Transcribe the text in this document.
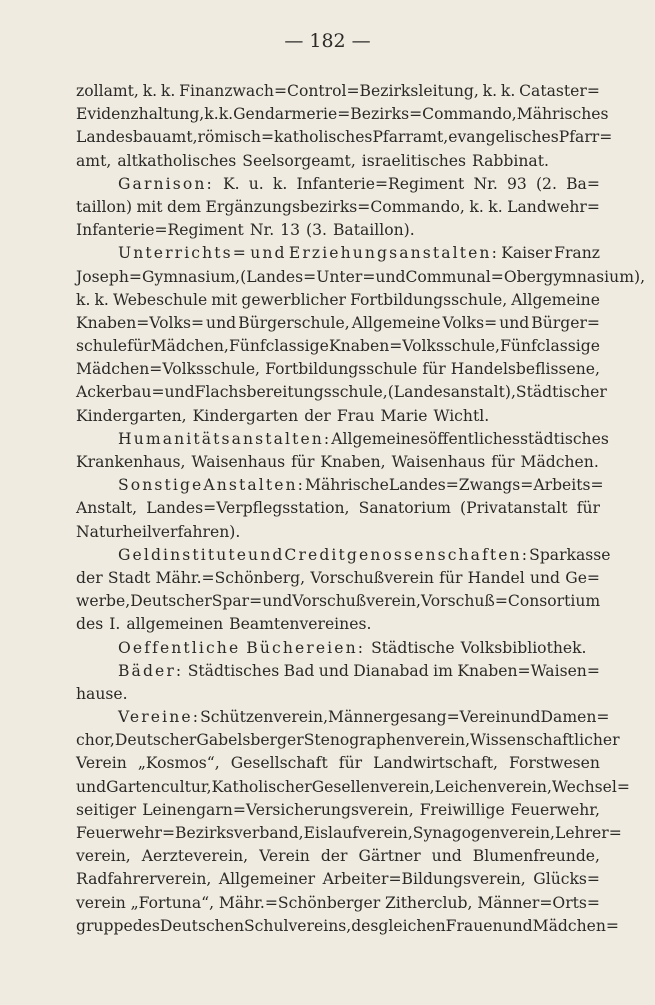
— 182 —
zollamt, k. k. Finanzwach=Control=Bezirksleitung, k. k. Cataster=
Evidenzhaltung, k. k. Gendarmerie=Bezirks=Commando, Mährisches
Landesbauamt, römisch=katholisches Pfarramt, evangelisches Pfarr=
amt, altkatholisches Seelsorgeamt, israelitisches Rabbinat.
Garnison: K. u. k. Infanterie=Regiment Nr. 93 (2. Ba=
taillon) mit dem Ergänzungsbezirks=Commando, k. k. Landwehr=
Infanterie=Regiment Nr. 13 (3. Bataillon).
Unterrichts= und Erziehungsanstalten: Kaiser Franz
Joseph=Gymnasium, (Landes=Unter= und Communal=Obergymnasium),
k. k. Webeschule mit gewerblicher Fortbildungsschule, Allgemeine
Knaben=Volks= und Bürgerschule, Allgemeine Volks= und Bürger=
schule für Mädchen, Fünfclassige Knaben=Volksschule, Fünfclassige
Mädchen=Volksschule, Fortbildungsschule für Handelsbeflissene,
Ackerbau= und Flachsbereitungsschule, (Landesanstalt), Städtischer
Kindergarten, Kindergarten der Frau Marie Wichtl.
Humanitätsanstalten: Allgemeines öffentliches städtisches
Krankenhaus, Waisenhaus für Knaben, Waisenhaus für Mädchen.
Sonstige Anstalten: Mährische Landes=Zwangs=Arbeits=
Anstalt, Landes=Verpflegsstation, Sanatorium (Privatanstalt für
Naturheilverfahren).
Geldinstitute und Creditgenossenschaften: Sparkasse
der Stadt Mähr.=Schönberg, Vorschußverein für Handel und Ge=
werbe, Deutscher Spar= und Vorschußverein, Vorschuß=Consortium
des I. allgemeinen Beamtenvereines.
Oeffentliche Büchereien: Städtische Volksbibliothek.
Bäder: Städtisches Bad und Dianabad im Knaben=Waisen=
hause.
Vereine: Schützenverein, Männergesang=Verein und Damen=
chor, Deutscher Gabelsberger Stenographenverein, Wissenschaftlicher
Verein „Kosmos“, Gesellschaft für Landwirtschaft, Forstwesen
und Gartencultur, Katholischer Gesellenverein, Leichenverein, Wechsel=
seitiger Leinengarn=Versicherungsverein, Freiwillige Feuerwehr,
Feuerwehr=Bezirksverband, Eislaufverein, Synagogenverein, Lehrer=
verein, Aerzteverein, Verein der Gärtner und Blumenfreunde,
Radfahrerverein, Allgemeiner Arbeiter=Bildungsverein, Glücks=
verein „Fortuna“, Mähr.=Schönberger Zitherclub, Männer=Orts=
gruppe des Deutschen Schulvereins, desgleichen Frauen und Mädchen=
